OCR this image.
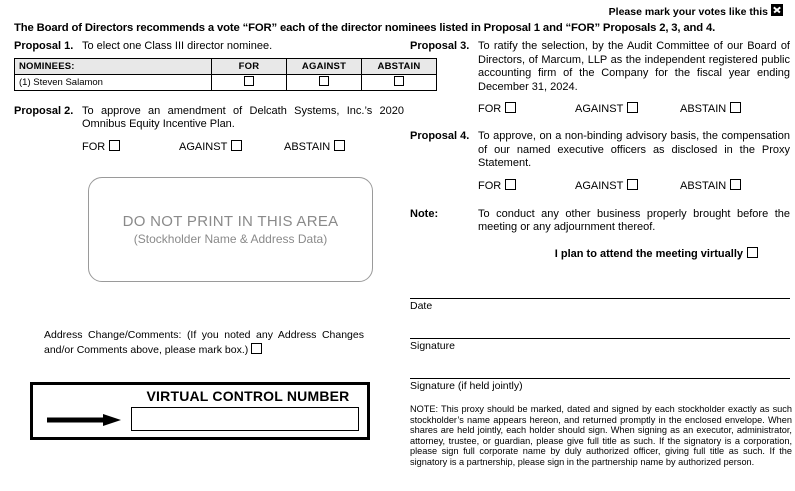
Please mark your votes like this
The Board of Directors recommends a vote “FOR” each of the director nominees listed in Proposal 1 and “FOR” Proposals 2, 3, and 4.
Proposal 1. To elect one Class III director nominee.
NOMINEES:	FOR	AGAINST	ABSTAIN
(1) Steven Salamon			
Proposal 2. To approve an amendment of Delcath Systems, Inc.’s 2020 Omnibus Equity Incentive Plan.
FOR	AGAINST	ABSTAIN
DO NOT PRINT IN THIS AREA
(Stockholder Name & Address Data)
Address Change/Comments: (If you noted any Address Changes and/or Comments above, please mark box.)
VIRTUAL CONTROL NUMBER
Proposal 3. To ratify the selection, by the Audit Committee of our Board of Directors, of Marcum, LLP as the independent registered public accounting firm of the Company for the fiscal year ending December 31, 2024.
FOR	AGAINST	ABSTAIN
Proposal 4. To approve, on a non-binding advisory basis, the compensation of our named executive officers as disclosed in the Proxy Statement.
FOR	AGAINST	ABSTAIN
Note:	To conduct any other business properly brought before the meeting or any adjournment thereof.
I plan to attend the meeting virtually
Date
Signature
Signature (if held jointly)
NOTE: This proxy should be marked, dated and signed by each stockholder exactly as such stockholder’s name appears hereon, and returned promptly in the enclosed envelope. When shares are held jointly, each holder should sign. When signing as an executor, administrator, attorney, trustee, or guardian, please give full title as such. If the signatory is a corporation, please sign full corporate name by duly authorized officer, giving full title as such. If the signatory is a partnership, please sign in the partnership name by authorized person.
